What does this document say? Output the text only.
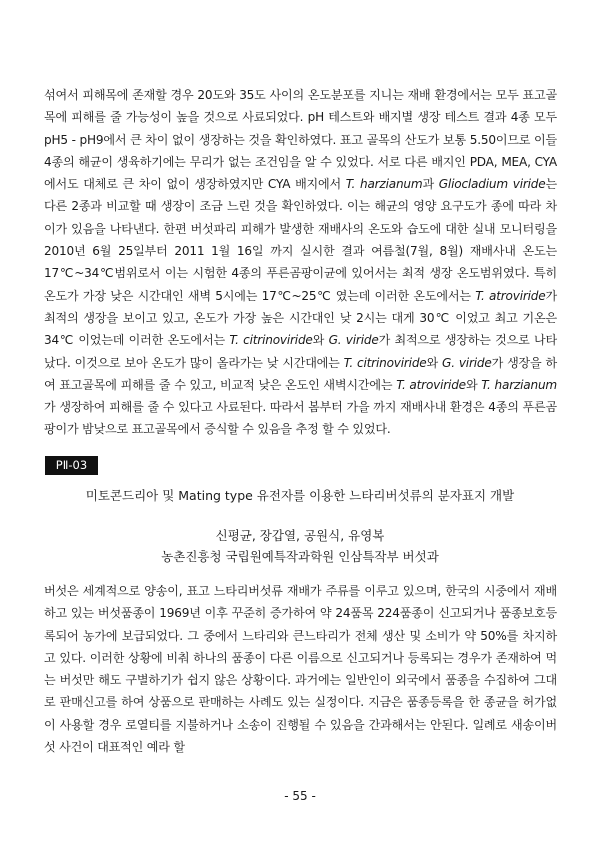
섞여서 피해목에 존재할 경우 20도와 35도 사이의 온도분포를 지니는 재배 환경에서는 모두 표고골목에 피해를 줄 가능성이 높을 것으로 사료되었다. pH 테스트와 배지별 생장 테스트 결과 4종 모두 pH5 - pH9에서 큰 차이 없이 생장하는 것을 확인하였다. 표고 골목의 산도가 보통 5.50이므로 이들 4종의 해균이 생육하기에는 무리가 없는 조건임을 알 수 있었다. 서로 다른 배지인 PDA, MEA, CYA 에서도 대체로 큰 차이 없이 생장하였지만 CYA 배지에서 T. harzianum과 Gliocladium viride는 다른 2종과 비교할 때 생장이 조금 느린 것을 확인하였다. 이는 해균의 영양 요구도가 종에 따라 차이가 있음을 나타낸다. 한편 버섯파리 피해가 발생한 재배사의 온도와 습도에 대한 실내 모니터링을 2010년 6월 25일부터 2011 1월 16일 까지 실시한 결과 여름철(7월, 8월) 재배사내 온도는 17℃~34℃범위로서 이는 시험한 4종의 푸른곰팡이균에 있어서는 최적 생장 온도범위였다. 특히 온도가 가장 낮은 시간대인 새벽 5시에는 17℃~25℃ 였는데 이러한 온도에서는 T. atroviride가 최적의 생장을 보이고 있고, 온도가 가장 높은 시간대인 낮 2시는 대게 30℃ 이었고 최고 기온은 34℃ 이었는데 이러한 온도에서는 T. citrinoviride와 G. viride가 최적으로 생장하는 것으로 나타났다. 이것으로 보아 온도가 많이 올라가는 낮 시간대에는 T. citrinoviride와 G. viride가 생장을 하여 표고골목에 피해를 줄 수 있고, 비교적 낮은 온도인 새벽시간에는 T. atroviride와 T. harzianum가 생장하여 피해를 줄 수 있다고 사료된다. 따라서 봄부터 가을 까지 재배사내 환경은 4종의 푸른곰팡이가 밤낮으로 표고골목에서 증식할 수 있음을 추정 할 수 있었다.

PⅡ-03
미토콘드리아 및 Mating type 유전자를 이용한 느타리버섯류의 분자표지 개발
신평균, 장갑열, 공원식, 유영복
농촌진흥청 국립원예특작과학원 인삼특작부 버섯과

버섯은 세계적으로 양송이, 표고 느타리버섯류 재배가 주류를 이루고 있으며, 한국의 시중에서 재배하고 있는 버섯품종이 1969년 이후 꾸준히 증가하여 약 24품목 224품종이 신고되거나 품종보호등록되어 농가에 보급되었다. 그 중에서 느타리와 큰느타리가 전체 생산 및 소비가 약 50%를 차지하고 있다. 이러한 상황에 비춰 하나의 품종이 다른 이름으로 신고되거나 등록되는 경우가 존재하여 먹는 버섯만 해도 구별하기가 쉽지 않은 상황이다. 과거에는 일반인이 외국에서 품종을 수집하여 그대로 판매신고를 하여 상품으로 판매하는 사례도 있는 실정이다. 지금은 품종등록을 한 종균을 허가없이 사용할 경우 로열티를 지불하거나 소송이 진행될 수 있음을 간과해서는 안된다. 일례로 새송이버섯 사건이 대표적인 예라 할

- 55 -
